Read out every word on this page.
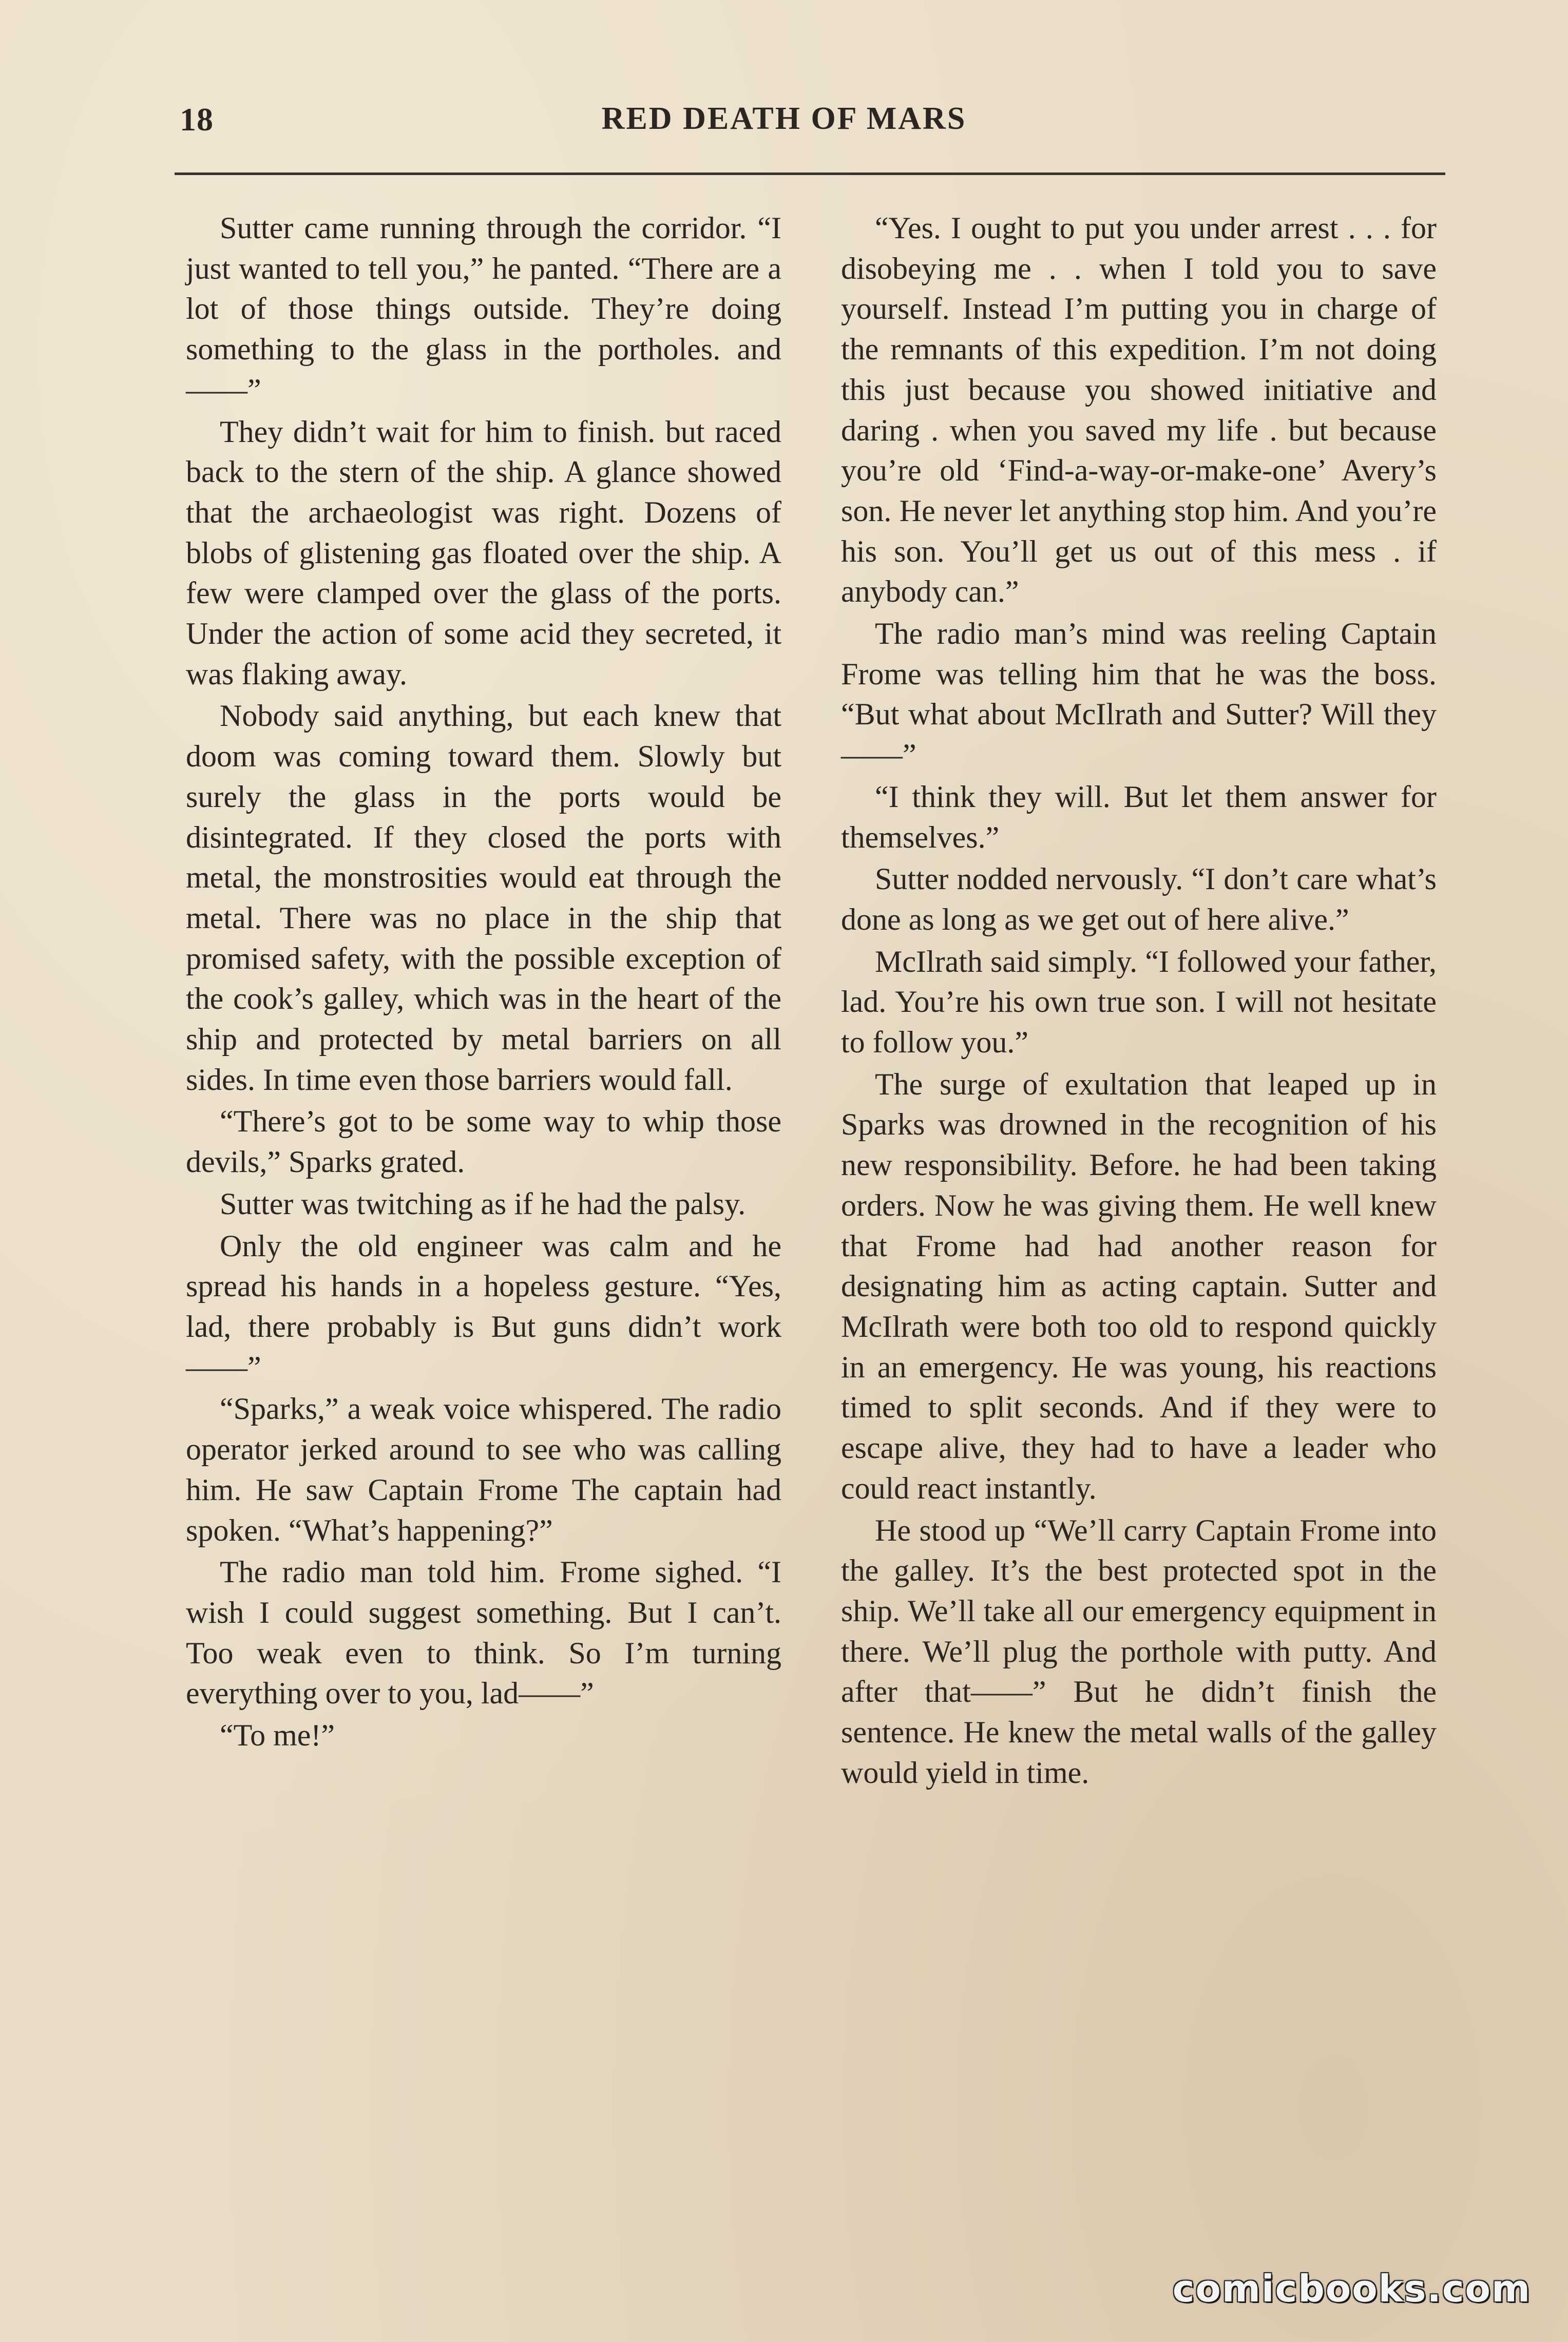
18	RED DEATH OF MARS

Sutter came running through the corridor. “I just wanted to tell you,” he panted. “There are a lot of those things outside. They’re doing something to the glass in the portholes. and——”

They didn’t wait for him to finish. but raced back to the stern of the ship. A glance showed that the archaeologist was right. Dozens of blobs of glistening gas floated over the ship. A few were clamped over the glass of the ports. Under the action of some acid they secreted, it was flaking away.

Nobody said anything, but each knew that doom was coming toward them. Slowly but surely the glass in the ports would be disintegrated. If they closed the ports with metal, the monstrosities would eat through the metal. There was no place in the ship that promised safety, with the possible exception of the cook’s galley, which was in the heart of the ship and protected by metal barriers on all sides. In time even those barriers would fall.

“There’s got to be some way to whip those devils,” Sparks grated.

Sutter was twitching as if he had the palsy.

Only the old engineer was calm and he spread his hands in a hopeless gesture. “Yes, lad, there probably is But guns didn’t work——”

“Sparks,” a weak voice whispered. The radio operator jerked around to see who was calling him. He saw Captain Frome The captain had spoken. “What’s happening?”

The radio man told him. Frome sighed. “I wish I could suggest something. But I can’t. Too weak even to think. So I’m turning everything over to you, lad——”

“To me!”

“Yes. I ought to put you under arrest . . . for disobeying me . . when I told you to save yourself. Instead I’m putting you in charge of the remnants of this expedition. I’m not doing this just because you showed initiative and daring . when you saved my life . but because you’re old ‘Find-a-way-or-make-one’ Avery’s son. He never let anything stop him. And you’re his son. You’ll get us out of this mess . if anybody can.”

The radio man’s mind was reeling Captain Frome was telling him that he was the boss. “But what about McIlrath and Sutter? Will they——”

“I think they will. But let them answer for themselves.”

Sutter nodded nervously. “I don’t care what’s done as long as we get out of here alive.”

McIlrath said simply. “I followed your father, lad. You’re his own true son. I will not hesitate to follow you.”

The surge of exultation that leaped up in Sparks was drowned in the recognition of his new responsibility. Before. he had been taking orders. Now he was giving them. He well knew that Frome had had another reason for designating him as acting captain. Sutter and McIlrath were both too old to respond quickly in an emergency. He was young, his reactions timed to split seconds. And if they were to escape alive, they had to have a leader who could react instantly.

He stood up “We’ll carry Captain Frome into the galley. It’s the best protected spot in the ship. We’ll take all our emergency equipment in there. We’ll plug the porthole with putty. And after that——” But he didn’t finish the sentence. He knew the metal walls of the galley would yield in time.

comicbooks.com
